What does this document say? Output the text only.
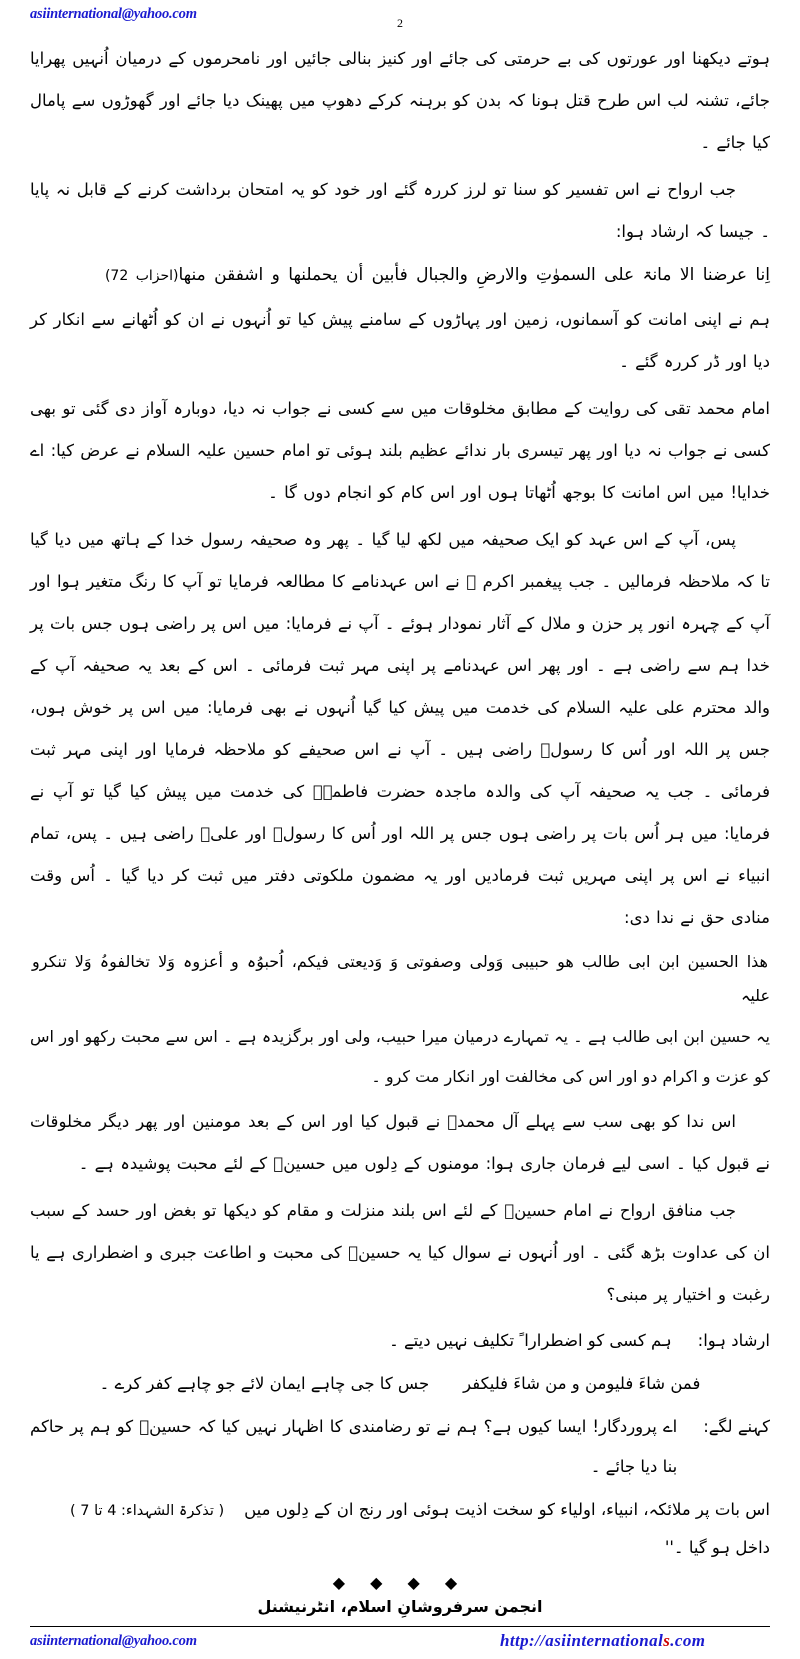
asiinternational@yahoo.com
2

ہوتے دیکھنا اور عورتوں کی بے حرمتی کی جائے اور کنیز بنالی جائیں اور نامحرموں کے درمیان اُنہیں پھرایا جائے، تشنہ لب اس طرح قتل ہونا کہ بدن کو برہنہ کرکے دھوپ میں پھینک دیا جائے اور گھوڑوں سے پامال کیا جائے ۔

جب ارواح نے اس تفسیر کو سنا تو لرز کررہ گئے اور خود کو یہ امتحان برداشت کرنے کے قابل نہ پایا ۔ جیسا کہ ارشاد ہوا:

اِنا عرضنا الا مانۃ علی السموٰتِ والارضِ والجبال فأبین أن یحملنھا و اشفقن منھا(احزاب 72)

ہم نے اپنی امانت کو آسمانوں، زمین اور پہاڑوں کے سامنے پیش کیا تو اُنہوں نے ان کو اُٹھانے سے انکار کر دیا اور ڈر کررہ گئے ۔

امام محمد تقی کی روایت کے مطابق مخلوقات میں سے کسی نے جواب نہ دیا، دوبارہ آواز دی گئی تو بھی کسی نے جواب نہ دیا اور پھر تیسری بار ندائے عظیم بلند ہوئی تو امام حسین علیہ السلام نے عرض کیا: اے خدایا! میں اس امانت کا بوجھ اُٹھاتا ہوں اور اس کام کو انجام دوں گا ۔

پس، آپ کے اس عہد کو ایک صحیفہ میں لکھ لیا گیا ۔ پھر وہ صحیفہ رسول خدا کے ہاتھ میں دیا گیا تا کہ ملاحظہ فرمالیں ۔ جب پیغمبر اکرم ﷺ نے اس عہدنامے کا مطالعہ فرمایا تو آپ کا رنگ متغیر ہوا اور آپ کے چہرہ انور پر حزن و ملال کے آثار نمودار ہوئے ۔ آپ نے فرمایا: میں اس پر راضی ہوں جس بات پر خدا ہم سے راضی ہے ۔ اور پھر اس عہدنامے پر اپنی مہر ثبت فرمائی ۔ اس کے بعد یہ صحیفہ آپ کے والد محترم علی علیہ السلام کی خدمت میں پیش کیا گیا اُنہوں نے بھی فرمایا: میں اس پر خوش ہوں، جس پر اللہ اور اُس کا رسولؐ راضی ہیں ۔ آپ نے اس صحیفے کو ملاحظہ فرمایا اور اپنی مہر ثبت فرمائی ۔ جب یہ صحیفہ آپ کی والدہ ماجدہ حضرت فاطمہؑ کی خدمت میں پیش کیا گیا تو آپ نے فرمایا: میں ہر اُس بات پر راضی ہوں جس پر اللہ اور اُس کا رسولؐ اور علیؑ راضی ہیں ۔ پس، تمام انبیاء نے اس پر اپنی مہریں ثبت فرمادیں اور یہ مضمون ملکوتی دفتر میں ثبت کر دیا گیا ۔ اُس وقت منادی حق نے ندا دی:

ھذا الحسین ابن ابی طالب ھو حبیبی وَولی وصفوتی وَ وَدیعتی فیکم، اُحبوُہ و أعزوہ وَلا تخالفوہُ وَلا تنکرو علیہ

یہ حسین ابن ابی طالب ہے ۔ یہ تمہارے درمیان میرا حبیب، ولی اور برگزیدہ ہے ۔ اس سے محبت رکھو اور اس کو عزت و اکرام دو اور اس کی مخالفت اور انکار مت کرو ۔

اس ندا کو بھی سب سے پہلے آل محمدؑ نے قبول کیا اور اس کے بعد مومنین اور پھر دیگر مخلوقات نے قبول کیا ۔ اسی لیے فرمان جاری ہوا: مومنوں کے دِلوں میں حسینؑ کے لئے محبت پوشیدہ ہے ۔

جب منافق ارواح نے امام حسینؑ کے لئے اس بلند منزلت و مقام کو دیکھا تو بغض اور حسد کے سبب ان کی عداوت بڑھ گئی ۔ اور اُنہوں نے سوال کیا یہ حسینؑ کی محبت و اطاعت جبری و اضطراری ہے یا رغبت و اختیار پر مبنی؟

ارشاد ہوا:
ہم کسی کو اضطرارا ً تکلیف نہیں دیتے ۔
فمن شاءَ فلیومن و من شاءَ فلیکفر
جس کا جی چاہے ایمان لائے جو چاہے کفر کرے ۔
کہنے لگے:
اے پروردگار! ایسا کیوں ہے؟ ہم نے تو رضامندی کا اظہار نہیں کیا کہ حسینؑ کو ہم پر حاکم بنا دیا جائے ۔
اس بات پر ملائکہ، انبیاء، اولیاء کو سخت اذیت ہوئی اور رنج ان کے دِلوں میں داخل ہو گیا ۔''
( تذکرۃ الشہداء: 4 تا 7 )
◆ ◆ ◆ ◆
انجمن سرفروشانِ اسلام، انٹرنیشنل
asiinternational@yahoo.com	http://asiinternationals.com
